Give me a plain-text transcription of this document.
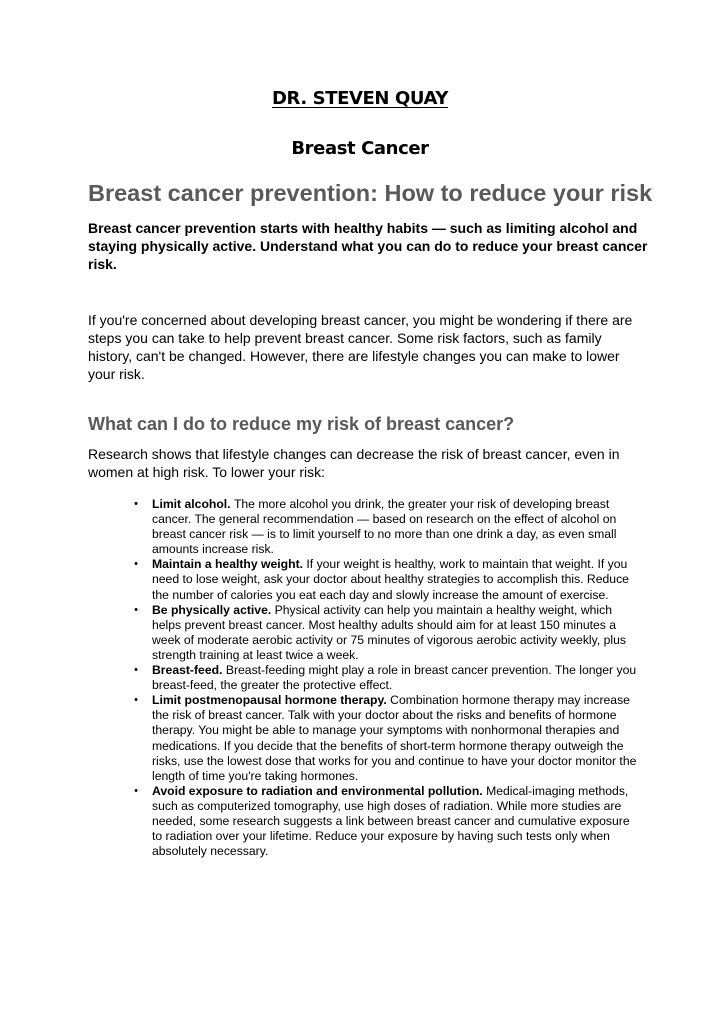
DR. STEVEN QUAY
Breast Cancer
Breast cancer prevention: How to reduce your risk

Breast cancer prevention starts with healthy habits — such as limiting alcohol and staying physically active. Understand what you can do to reduce your breast cancer risk.

If you're concerned about developing breast cancer, you might be wondering if there are steps you can take to help prevent breast cancer. Some risk factors, such as family history, can't be changed. However, there are lifestyle changes you can make to lower your risk.

What can I do to reduce my risk of breast cancer?

Research shows that lifestyle changes can decrease the risk of breast cancer, even in women at high risk. To lower your risk:

• Limit alcohol. The more alcohol you drink, the greater your risk of developing breast cancer. The general recommendation — based on research on the effect of alcohol on breast cancer risk — is to limit yourself to no more than one drink a day, as even small amounts increase risk.
• Maintain a healthy weight. If your weight is healthy, work to maintain that weight. If you need to lose weight, ask your doctor about healthy strategies to accomplish this. Reduce the number of calories you eat each day and slowly increase the amount of exercise.
• Be physically active. Physical activity can help you maintain a healthy weight, which helps prevent breast cancer. Most healthy adults should aim for at least 150 minutes a week of moderate aerobic activity or 75 minutes of vigorous aerobic activity weekly, plus strength training at least twice a week.
• Breast-feed. Breast-feeding might play a role in breast cancer prevention. The longer you breast-feed, the greater the protective effect.
• Limit postmenopausal hormone therapy. Combination hormone therapy may increase the risk of breast cancer. Talk with your doctor about the risks and benefits of hormone therapy. You might be able to manage your symptoms with nonhormonal therapies and medications. If you decide that the benefits of short-term hormone therapy outweigh the risks, use the lowest dose that works for you and continue to have your doctor monitor the length of time you're taking hormones.
• Avoid exposure to radiation and environmental pollution. Medical-imaging methods, such as computerized tomography, use high doses of radiation. While more studies are needed, some research suggests a link between breast cancer and cumulative exposure to radiation over your lifetime. Reduce your exposure by having such tests only when absolutely necessary.
